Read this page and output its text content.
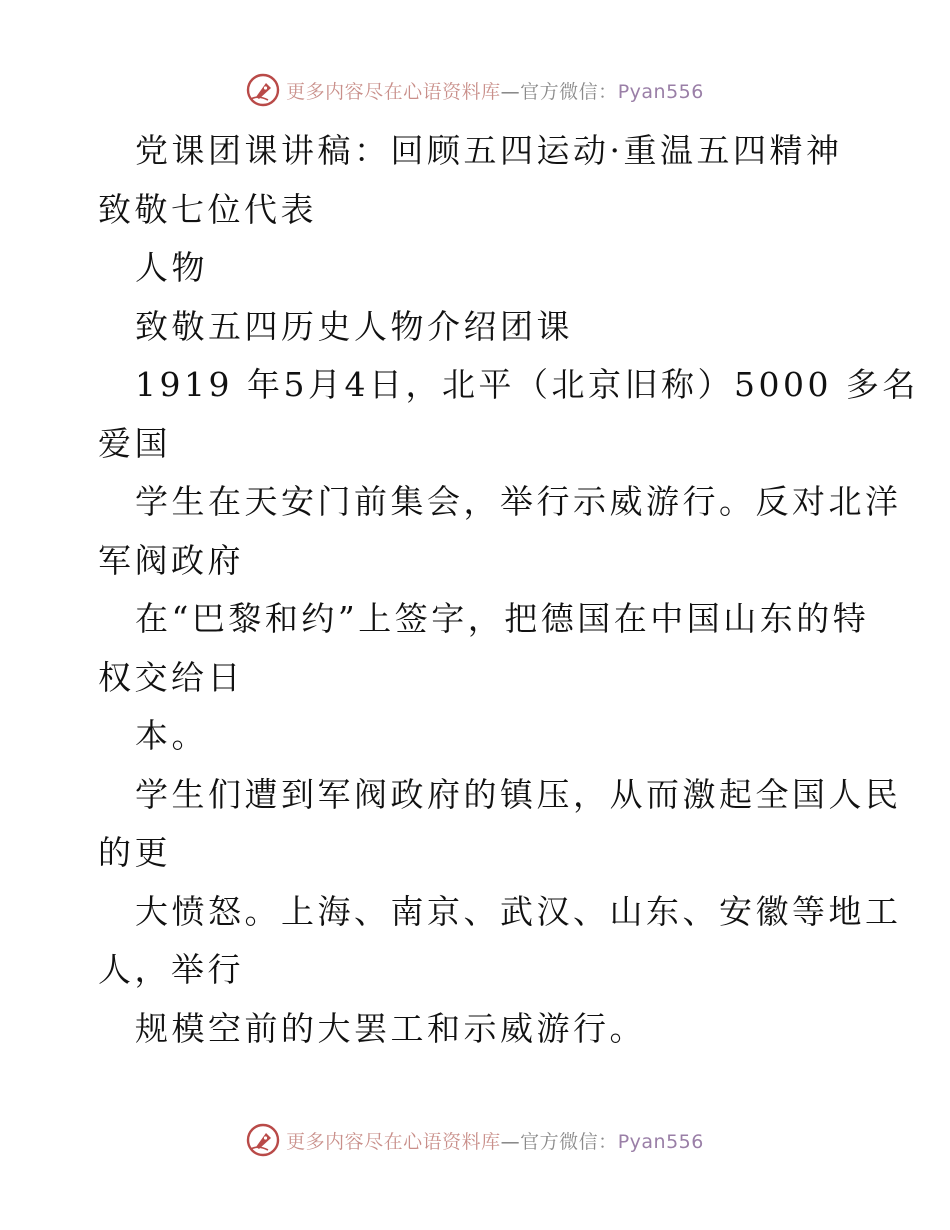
更多内容尽在心语资料库—官方微信：Pyan556
党课团课讲稿：回顾五四运动·重温五四精神
致敬七位代表
人物
致敬五四历史人物介绍团课
1919 年5月4日，北平（北京旧称）5000 多名
爱国
学生在天安门前集会，举行示威游行。反对北洋
军阀政府
在“巴黎和约”上签字，把德国在中国山东的特
权交给日
本。
学生们遭到军阀政府的镇压，从而激起全国人民
的更
大愤怒。上海、南京、武汉、山东、安徽等地工
人，举行
规模空前的大罢工和示威游行。
更多内容尽在心语资料库—官方微信：Pyan556
